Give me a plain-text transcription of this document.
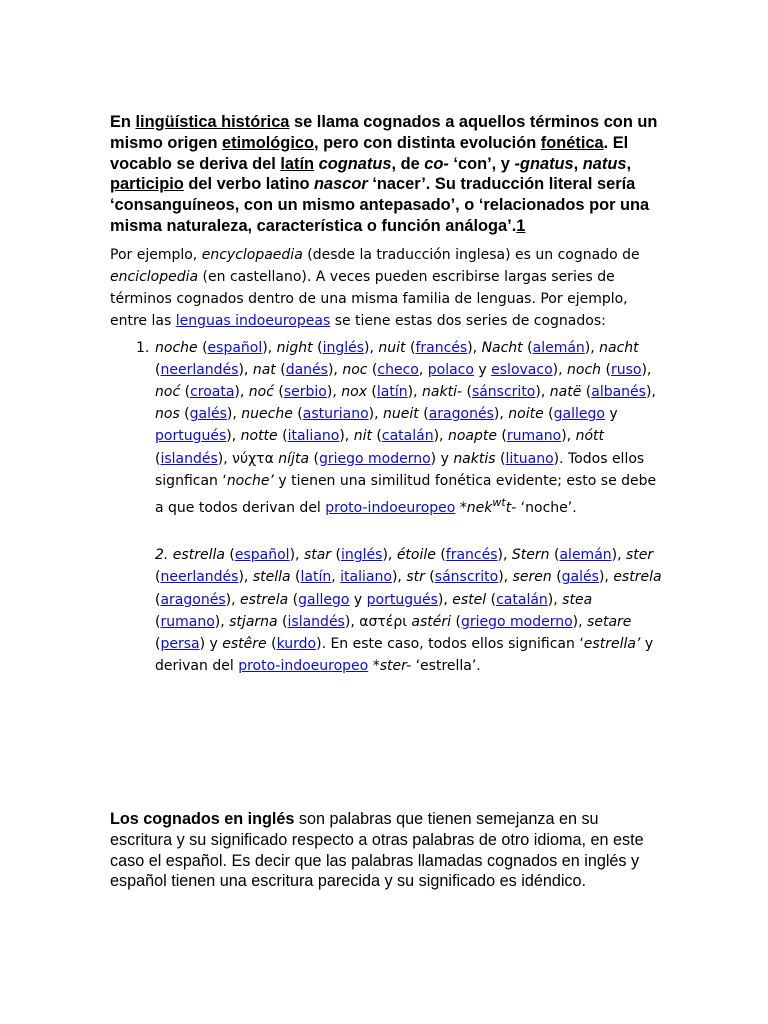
En lingüística histórica se llama cognados a aquellos términos con un mismo origen etimológico, pero con distinta evolución fonética. El vocablo se deriva del latín cognatus, de co- ‘con’, y -gnatus, natus, participio del verbo latino nascor ‘nacer’. Su traducción literal sería ‘consanguíneos, con un mismo antepasado’, o ‘relacionados por una misma naturaleza, característica o función análoga’.1

Por ejemplo, encyclopaedia (desde la traducción inglesa) es un cognado de enciclopedia (en castellano). A veces pueden escribirse largas series de términos cognados dentro de una misma familia de lenguas. Por ejemplo, entre las lenguas indoeuropeas se tiene estas dos series de cognados:

1. noche (español), night (inglés), nuit (francés), Nacht (alemán), nacht (neerlandés), nat (danés), noc (checo, polaco y eslovaco), noch (ruso), noć (croata), noć (serbio), nox (latín), nakti- (sánscrito), natë (albanés), nos (galés), nueche (asturiano), nueit (aragonés), noite (gallego y portugués), notte (italiano), nit (catalán), noapte (rumano), nótt (islandés), νύχτα níjta (griego moderno) y naktis (lituano). Todos ellos signfican ‘noche’ y tienen una similitud fonética evidente; esto se debe a que todos derivan del proto-indoeuropeo *nek$^{wt}$t- ‘noche’.
2. estrella (español), star (inglés), étoile (francés), Stern (alemán), ster (neerlandés), stella (latín, italiano), str (sánscrito), seren (galés), estrela (aragonés), estrela (gallego y portugués), estel (catalán), stea (rumano), stjarna (islandés), αστέρι astéri (griego moderno), setare (persa) y estêre (kurdo). En este caso, todos ellos significan ‘estrella’ y derivan del proto-indoeuropeo *ster- ‘estrella’.

Los cognados en inglés son palabras que tienen semejanza en su escritura y su significado respecto a otras palabras de otro idioma, en este caso el español. Es decir que las palabras llamadas cognados en inglés y español tienen una escritura parecida y su significado es idéndico.
